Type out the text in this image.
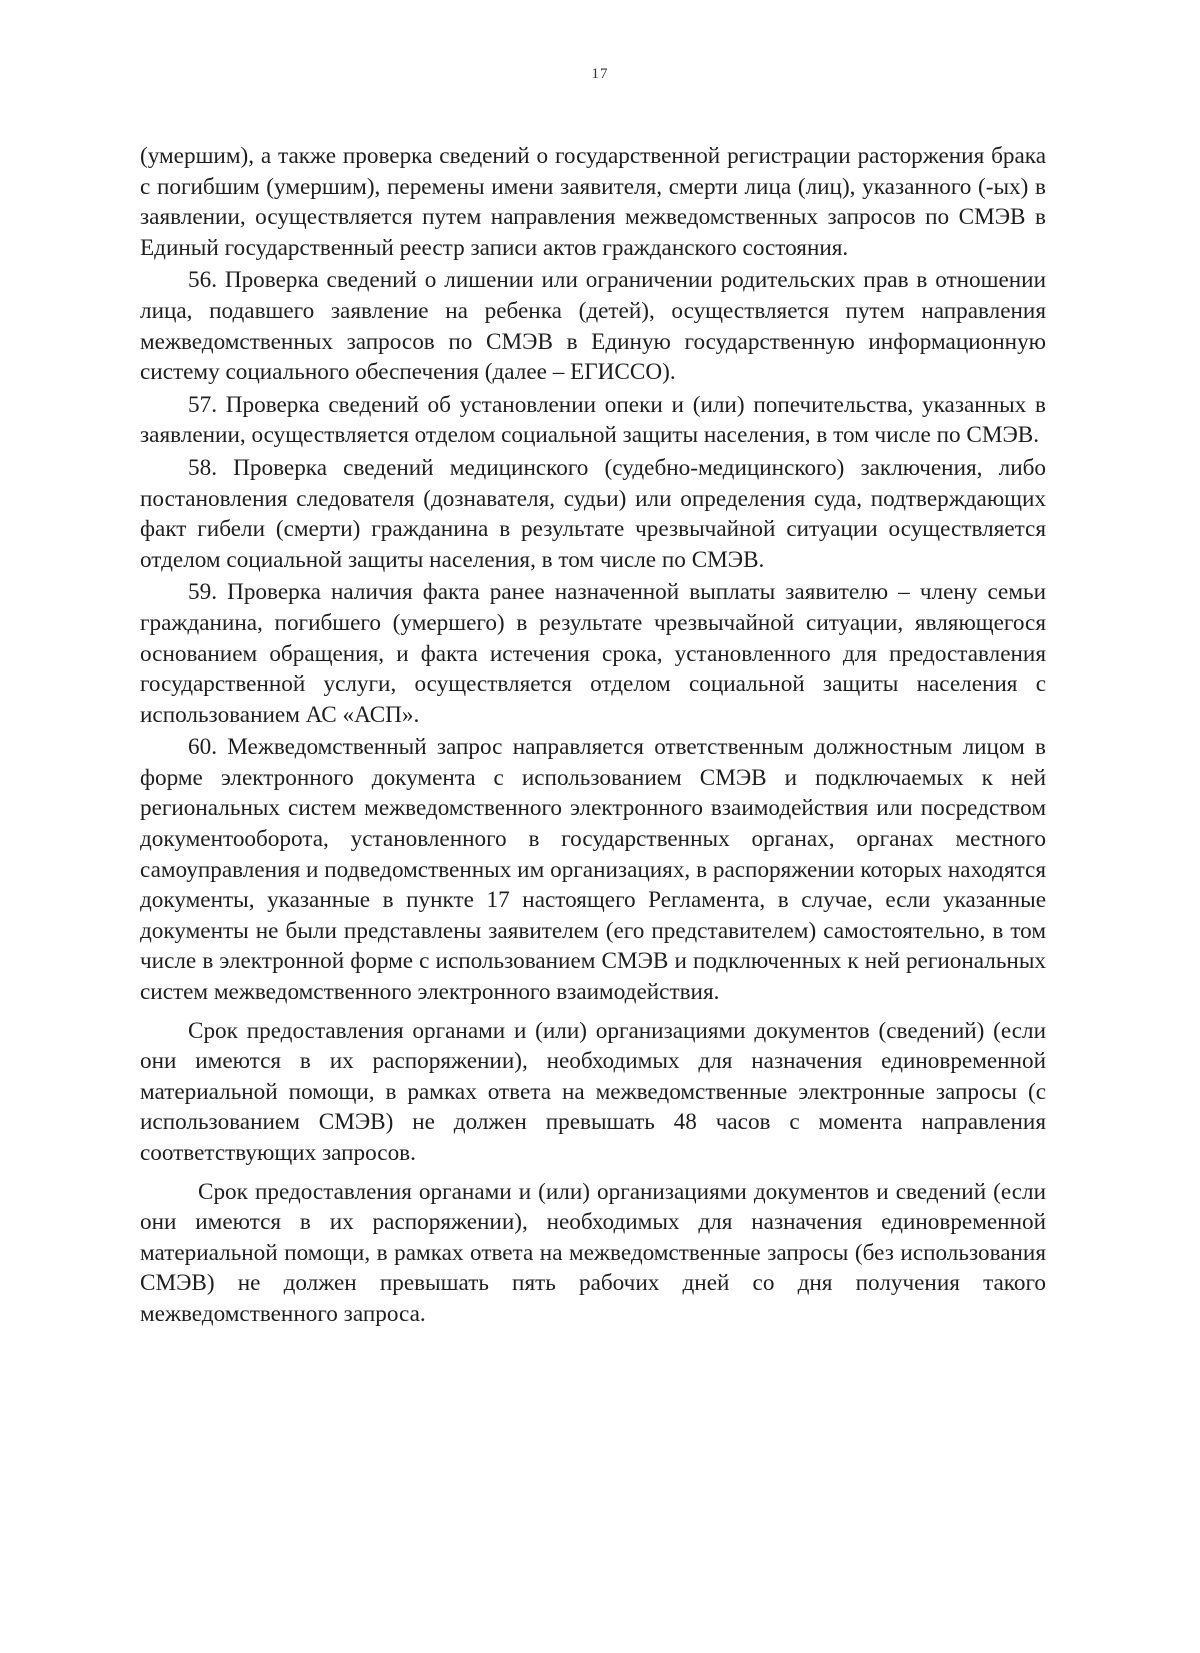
17

(умершим), а также проверка сведений о государственной регистрации расторжения брака с погибшим (умершим), перемены имени заявителя, смерти лица (лиц), указанного (-ых) в заявлении, осуществляется путем направления межведомственных запросов по СМЭВ в Единый государственный реестр записи актов гражданского состояния.

56. Проверка сведений о лишении или ограничении родительских прав в отношении лица, подавшего заявление на ребенка (детей), осуществляется путем направления межведомственных запросов по СМЭВ в Единую государственную информационную систему социального обеспечения (далее – ЕГИССО).

57. Проверка сведений об установлении опеки и (или) попечительства, указанных в заявлении, осуществляется отделом социальной защиты населения, в том числе по СМЭВ.

58. Проверка сведений медицинского (судебно-медицинского) заключения, либо постановления следователя (дознавателя, судьи) или определения суда, подтверждающих факт гибели (смерти) гражданина в результате чрезвычайной ситуации осуществляется отделом социальной защиты населения, в том числе по СМЭВ.

59. Проверка наличия факта ранее назначенной выплаты заявителю – члену семьи гражданина, погибшего (умершего) в результате чрезвычайной ситуации, являющегося основанием обращения, и факта истечения срока, установленного для предоставления государственной услуги, осуществляется отделом социальной защиты населения с использованием АС «АСП».

60. Межведомственный запрос направляется ответственным должностным лицом в форме электронного документа с использованием СМЭВ и подключаемых к ней региональных систем межведомственного электронного взаимодействия или посредством документооборота, установленного в государственных органах, органах местного самоуправления и подведомственных им организациях, в распоряжении которых находятся документы, указанные в пункте 17 настоящего Регламента, в случае, если указанные документы не были представлены заявителем (его представителем) самостоятельно, в том числе в электронной форме с использованием СМЭВ и подключенных к ней региональных систем межведомственного электронного взаимодействия.

Срок предоставления органами и (или) организациями документов (сведений) (если они имеются в их распоряжении), необходимых для назначения единовременной материальной помощи, в рамках ответа на межведомственные электронные запросы (с использованием СМЭВ) не должен превышать 48 часов с момента направления соответствующих запросов.

Срок предоставления органами и (или) организациями документов и сведений (если они имеются в их распоряжении), необходимых для назначения единовременной материальной помощи, в рамках ответа на межведомственные запросы (без использования СМЭВ) не должен превышать пять рабочих дней со дня получения такого межведомственного запроса.
